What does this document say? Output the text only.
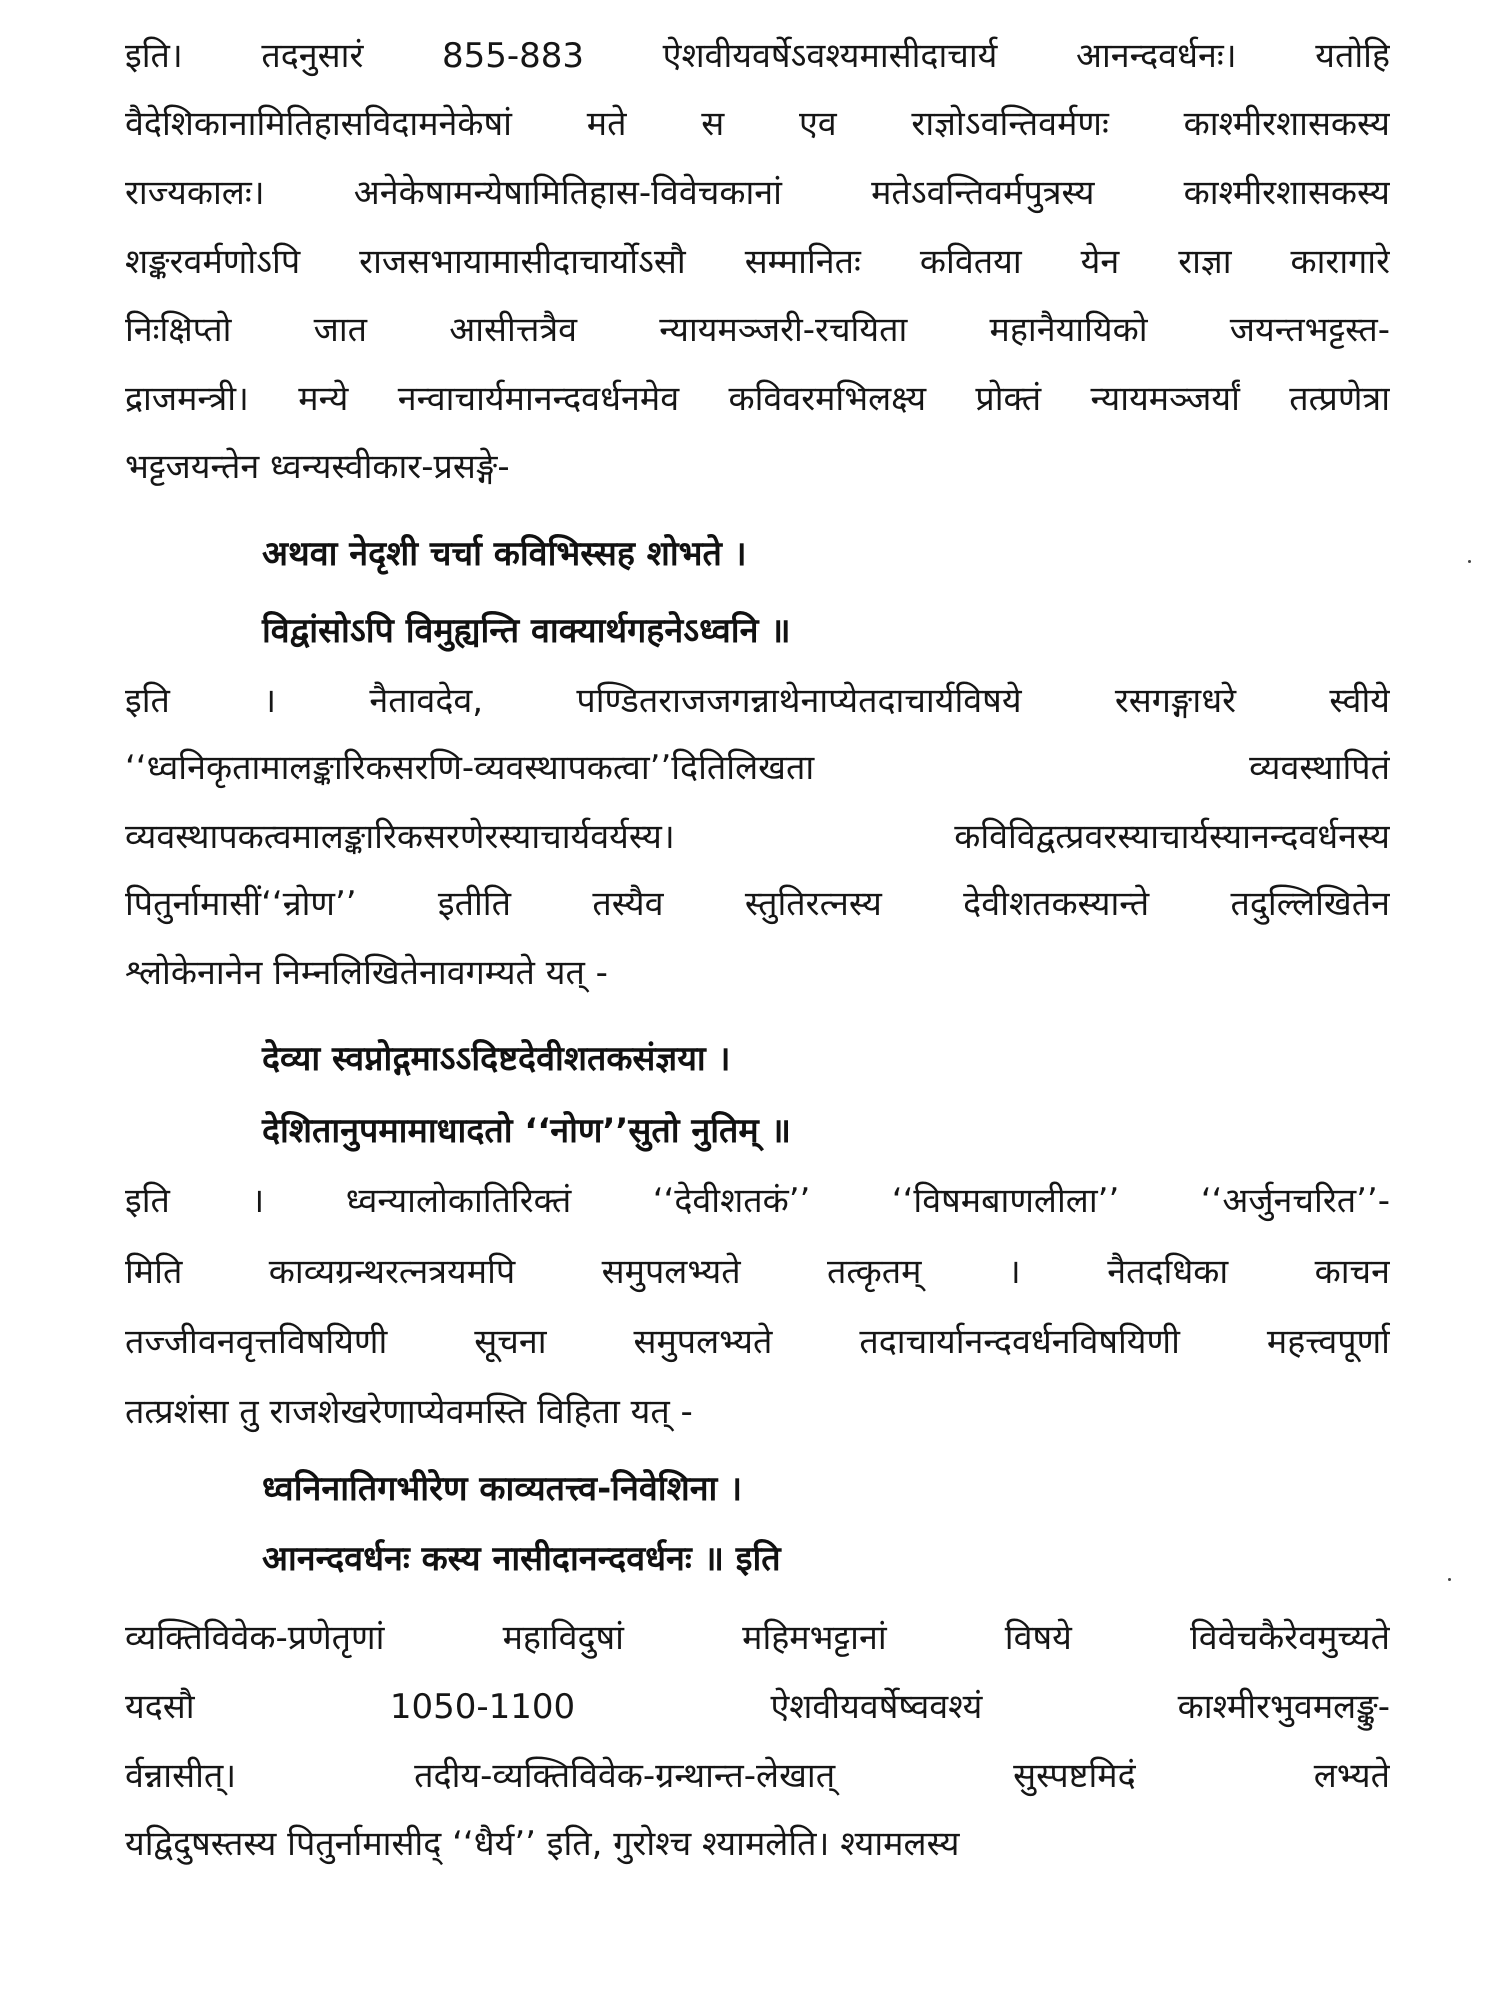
इति। तदनुसारं 855-883 ऐशवीयवर्षेऽवश्यमासीदाचार्य आनन्दवर्धनः। यतोहि
वैदेशिकानामितिहासविदामनेकेषां मते स एव राज्ञोऽवन्तिवर्मणः काश्मीरशासकस्य
राज्यकालः। अनेकेषामन्येषामितिहास-विवेचकानां मतेऽवन्तिवर्मपुत्रस्य काश्मीरशासकस्य
शङ्करवर्मणोऽपि राजसभायामासीदाचार्योऽसौ सम्मानितः कवितया येन राज्ञा कारागारे
निःक्षिप्तो जात आसीत्तत्रैव न्यायमञ्जरी-रचयिता महानैयायिको जयन्तभट्टस्त-
द्राजमन्त्री। मन्ये नन्वाचार्यमानन्दवर्धनमेव कविवरमभिलक्ष्य प्रोक्तं न्यायमञ्जर्यां तत्प्रणेत्रा
भट्टजयन्तेन ध्वन्यस्वीकार-प्रसङ्गे-
अथवा नेदृशी चर्चा कविभिस्सह शोभते ।
विद्वांसोऽपि विमुह्यन्ति वाक्यार्थगहनेऽध्वनि ॥
इति । नैतावदेव, पण्डितराजजगन्नाथेनाप्येतदाचार्यविषये रसगङ्गाधरे स्वीये
‘‘ध्वनिकृतामालङ्कारिकसरणि-व्यवस्थापकत्वा’’दितिलिखता व्यवस्थापितं
व्यवस्थापकत्वमालङ्कारिकसरणेरस्याचार्यवर्यस्य। कविविद्वत्प्रवरस्याचार्यस्यानन्दवर्धनस्य
पितुर्नामासीं‘‘न्रोण’’ इतीति तस्यैव स्तुतिरत्नस्य देवीशतकस्यान्ते तदुल्लिखितेन
श्लोकेनानेन निम्नलिखितेनावगम्यते यत् -
देव्या स्वप्नोद्गमाऽऽदिष्टदेवीशतकसंज्ञया ।
देशितानुपमामाधादतो ‘‘नोण’’सुतो नुतिम् ॥
इति । ध्वन्यालोकातिरिक्तं ‘‘देवीशतकं’’ ‘‘विषमबाणलीला’’ ‘‘अर्जुनचरित’’-
मिति काव्यग्रन्थरत्नत्रयमपि समुपलभ्यते तत्कृतम् । नैतदधिका काचन
तज्जीवनवृत्तविषयिणी सूचना समुपलभ्यते तदाचार्यानन्दवर्धनविषयिणी महत्त्वपूर्णा
तत्प्रशंसा तु राजशेखरेणाप्येवमस्ति विहिता यत् -
ध्वनिनातिगभीरेण काव्यतत्त्व-निवेशिना ।
आनन्दवर्धनः कस्य नासीदानन्दवर्धनः ॥ इति
व्यक्तिविवेक-प्रणेतृणां महाविदुषां महिमभट्टानां विषये विवेचकैरेवमुच्यते
यदसौ 1050-1100 ऐशवीयवर्षेष्ववश्यं काश्मीरभुवमलङ्कु-
र्वन्नासीत्। तदीय-व्यक्तिविवेक-ग्रन्थान्त-लेखात् सुस्पष्टमिदं लभ्यते
यद्विदुषस्तस्य पितुर्नामासीद् ‘‘धैर्य’’ इति, गुरोश्च श्यामलेति। श्यामलस्य
